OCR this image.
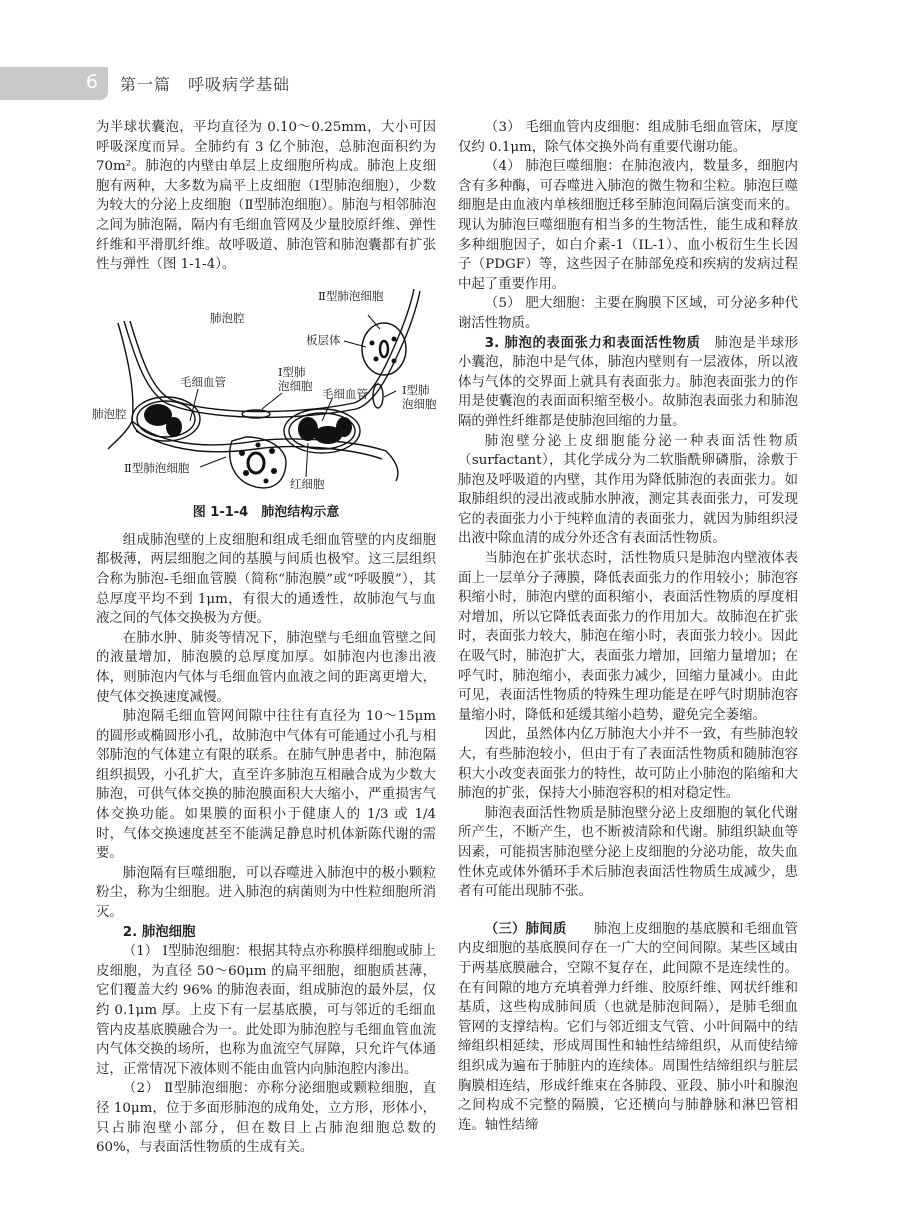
6 第一篇　呼吸病学基础

为半球状囊泡，平均直径为 0.10～0.25mm，大小可因呼吸深度而异。全肺约有 3 亿个肺泡，总肺泡面积约为 70m²。肺泡的内壁由单层上皮细胞所构成。肺泡上皮细胞有两种，大多数为扁平上皮细胞（Ⅰ型肺泡细胞），少数为较大的分泌上皮细胞（Ⅱ型肺泡细胞）。肺泡与相邻肺泡之间为肺泡隔，隔内有毛细血管网及少量胶原纤维、弹性纤维和平滑肌纤维。故呼吸道、肺泡管和肺泡囊都有扩张性与弹性（图 1-1-4）。

Ⅱ型肺泡细胞
肺泡腔
板层体
毛细血管
Ⅰ型肺
泡细胞
毛细血管	Ⅰ型肺
泡细胞
肺泡腔
Ⅱ型肺泡细胞
红细胞
图 1-1-4　肺泡结构示意

组成肺泡壁的上皮细胞和组成毛细血管壁的内皮细胞都极薄，两层细胞之间的基膜与间质也极窄。这三层组织合称为肺泡-毛细血管膜（简称“肺泡膜”或“呼吸膜”），其总厚度平均不到 1μm，有很大的通透性，故肺泡气与血液之间的气体交换极为方便。

在肺水肿、肺炎等情况下，肺泡壁与毛细血管壁之间的液量增加，肺泡膜的总厚度加厚。如肺泡内也渗出液体，则肺泡内气体与毛细血管内血液之间的距离更增大，使气体交换速度减慢。

肺泡隔毛细血管网间隙中往往有直径为 10～15μm 的圆形或椭圆形小孔，故肺泡中气体有可能通过小孔与相邻肺泡的气体建立有限的联系。在肺气肿患者中，肺泡隔组织损毁，小孔扩大，直至许多肺泡互相融合成为少数大肺泡，可供气体交换的肺泡膜面积大大缩小，严重损害气体交换功能。如果膜的面积小于健康人的 1/3 或 1/4 时，气体交换速度甚至不能满足静息时机体新陈代谢的需要。

肺泡隔有巨噬细胞，可以吞噬进入肺泡中的极小颗粒粉尘，称为尘细胞。进入肺泡的病菌则为中性粒细胞所消灭。

2. 肺泡细胞

（1） Ⅰ型肺泡细胞：根据其特点亦称膜样细胞或肺上皮细胞，为直径 50～60μm 的扁平细胞，细胞质甚薄，它们覆盖大约 96% 的肺泡表面，组成肺泡的最外层，仅约 0.1μm 厚。上皮下有一层基底膜，可与邻近的毛细血管内皮基底膜融合为一。此处即为肺泡腔与毛细血管血流内气体交换的场所，也称为血流空气屏障，只允许气体通过，正常情况下液体则不能由血管内向肺泡腔内渗出。

（2） Ⅱ型肺泡细胞：亦称分泌细胞或颗粒细胞，直径 10μm，位于多面形肺泡的成角处，立方形，形体小，只占肺泡壁小部分，但在数目上占肺泡细胞总数的 60%，与表面活性物质的生成有关。

（3） 毛细血管内皮细胞：组成肺毛细血管床，厚度仅约 0.1μm，除气体交换外尚有重要代谢功能。

（4） 肺泡巨噬细胞：在肺泡液内，数量多，细胞内含有多种酶，可吞噬进入肺泡的微生物和尘粒。肺泡巨噬细胞是由血液内单核细胞迁移至肺泡间隔后演变而来的。现认为肺泡巨噬细胞有相当多的生物活性，能生成和释放多种细胞因子，如白介素-1（IL-1）、血小板衍生生长因子（PDGF）等，这些因子在肺部免疫和疾病的发病过程中起了重要作用。

（5） 肥大细胞：主要在胸膜下区域，可分泌多种代谢活性物质。

3. 肺泡的表面张力和表面活性物质　肺泡是半球形小囊泡，肺泡中是气体，肺泡内壁则有一层液体，所以液体与气体的交界面上就具有表面张力。肺泡表面张力的作用是使囊泡的表面面积缩至极小。故肺泡表面张力和肺泡隔的弹性纤维都是使肺泡回缩的力量。

肺泡壁分泌上皮细胞能分泌一种表面活性物质（surfactant），其化学成分为二软脂酰卵磷脂，涂敷于肺泡及呼吸道的内壁，其作用为降低肺泡的表面张力。如取肺组织的浸出液或肺水肿液，测定其表面张力，可发现它的表面张力小于纯粹血清的表面张力，就因为肺组织浸出液中除血清的成分外还含有表面活性物质。

当肺泡在扩张状态时，活性物质只是肺泡内壁液体表面上一层单分子薄膜，降低表面张力的作用较小；肺泡容积缩小时，肺泡内壁的面积缩小，表面活性物质的厚度相对增加，所以它降低表面张力的作用加大。故肺泡在扩张时，表面张力较大，肺泡在缩小时，表面张力较小。因此在吸气时，肺泡扩大，表面张力增加，回缩力量增加；在呼气时，肺泡缩小，表面张力减少，回缩力量减小。由此可见，表面活性物质的特殊生理功能是在呼气时期肺泡容量缩小时，降低和延缓其缩小趋势，避免完全萎缩。

因此，虽然体内亿万肺泡大小并不一致，有些肺泡较大，有些肺泡较小，但由于有了表面活性物质和随肺泡容积大小改变表面张力的特性，故可防止小肺泡的陷缩和大肺泡的扩张，保持大小肺泡容积的相对稳定性。

肺泡表面活性物质是肺泡壁分泌上皮细胞的氧化代谢所产生，不断产生，也不断被清除和代谢。肺组织缺血等因素，可能损害肺泡壁分泌上皮细胞的分泌功能，故失血性休克或体外循环手术后肺泡表面活性物质生成减少，患者有可能出现肺不张。

（三）肺间质　　肺泡上皮细胞的基底膜和毛细血管内皮细胞的基底膜间存在一广大的空间间隙。某些区域由于两基底膜融合，空隙不复存在，此间隙不是连续性的。在有间隙的地方充填着弹力纤维、胶原纤维、网状纤维和基质，这些构成肺间质（也就是肺泡间隔），是肺毛细血管网的支撑结构。它们与邻近细支气管、小叶间隔中的结缔组织相延续，形成周围性和轴性结缔组织，从而使结缔组织成为遍布于肺脏内的连续体。周围性结缔组织与脏层胸膜相连结，形成纤维束在各肺段、亚段、肺小叶和腺泡之间构成不完整的隔膜，它还横向与肺静脉和淋巴管相连。轴性结缔
